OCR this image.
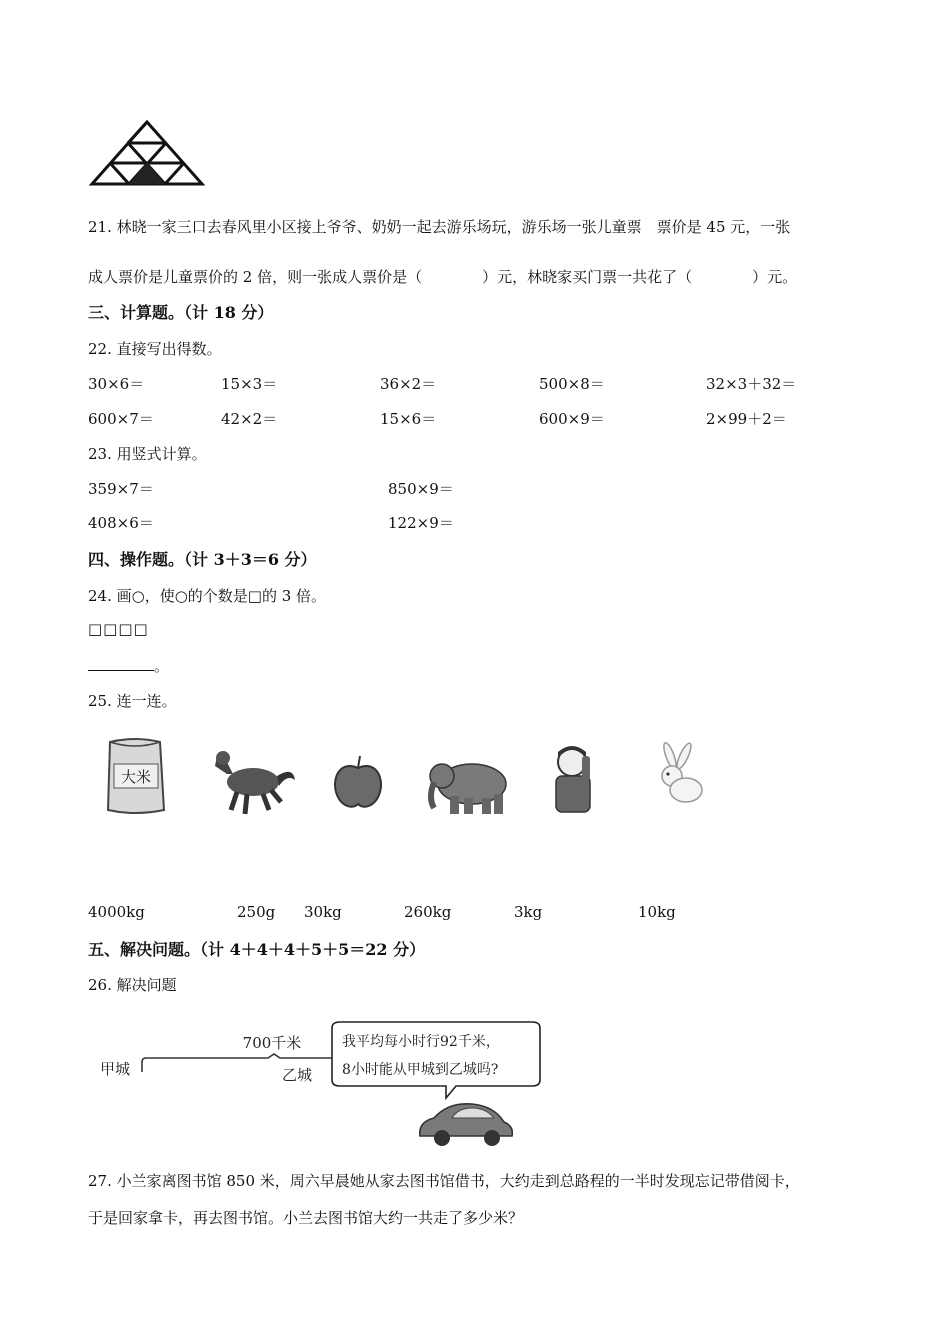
21. 林晓一家三口去春风里小区接上爷爷、奶奶一起去游乐场玩，游乐场一张儿童票　票价是 45 元，一张
成人票价是儿童票价的 2 倍，则一张成人票价是（　　　　）元，林晓家买门票一共花了（　　　　）元。
三、计算题。（计 18 分）
22. 直接写出得数。
30×6＝	15×3＝	36×2＝	500×8＝	32×3＋32＝
600×7＝	42×2＝	15×6＝	600×9＝	2×99＋2＝
23. 用竖式计算。
359×7＝	850×9＝
408×6＝	122×9＝
四、操作题。（计 3＋3＝6 分）
24. 画○，使○的个数是□的 3 倍。
□□□□
。
25. 连一连。
大米
4000kg	250g 30kg	260kg	3kg	10kg
五、解决问题。（计 4＋4＋4＋5＋5＝22 分）
26. 解决问题
甲城
700千米
乙城
我平均每小时行92千米，
8小时能从甲城到乙城吗?
27. 小兰家离图书馆 850 米，周六早晨她从家去图书馆借书，大约走到总路程的一半时发现忘记带借阅卡，
于是回家拿卡，再去图书馆。小兰去图书馆大约一共走了多少米？
